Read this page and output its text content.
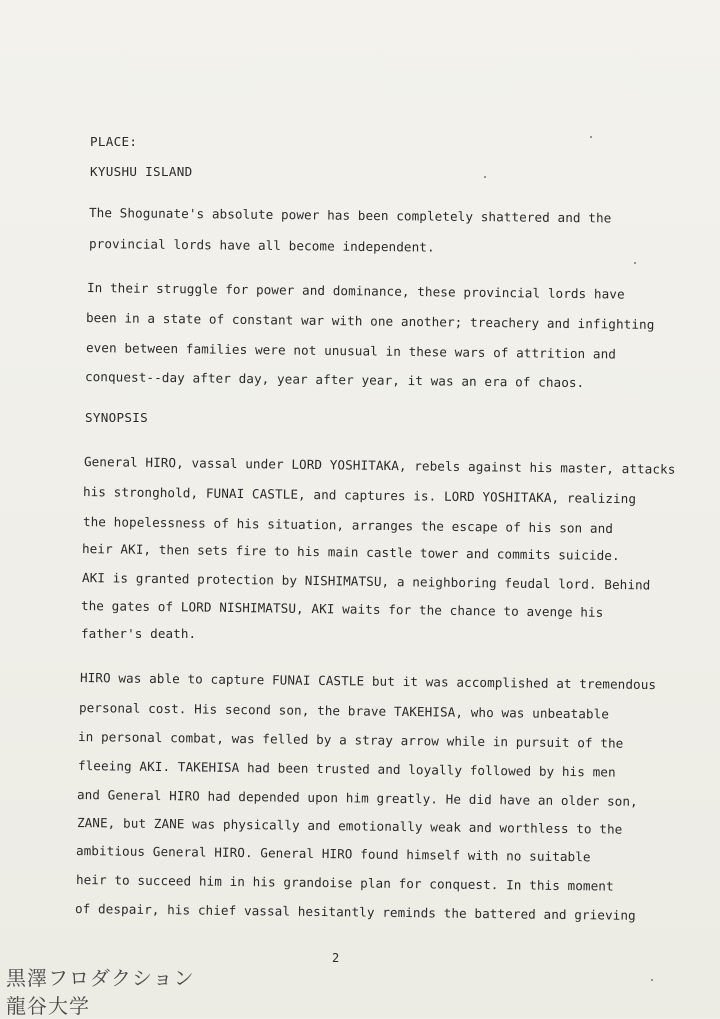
PLACE:
KYUSHU ISLAND
The Shogunate's absolute power has been completely shattered and the
provincial lords have all become independent.
In their struggle for power and dominance, these provincial lords have
been in a state of constant war with one another; treachery and infighting
even between families were not unusual in these wars of attrition and
conquest--day after day, year after year, it was an era of chaos.
SYNOPSIS
General HIRO, vassal under LORD YOSHITAKA, rebels against his master, attacks
his stronghold, FUNAI CASTLE, and captures is. LORD YOSHITAKA, realizing
the hopelessness of his situation, arranges the escape of his son and
heir AKI, then sets fire to his main castle tower and commits suicide.
AKI is granted protection by NISHIMATSU, a neighboring feudal lord. Behind
the gates of LORD NISHIMATSU, AKI waits for the chance to avenge his
father's death.
HIRO was able to capture FUNAI CASTLE but it was accomplished at tremendous
personal cost. His second son, the brave TAKEHISA, who was unbeatable
in personal combat, was felled by a stray arrow while in pursuit of the
fleeing AKI. TAKEHISA had been trusted and loyally followed by his men
and General HIRO had depended upon him greatly. He did have an older son,
ZANE, but ZANE was physically and emotionally weak and worthless to the
ambitious General HIRO. General HIRO found himself with no suitable
heir to succeed him in his grandoise plan for conquest. In this moment
of despair, his chief vassal hesitantly reminds the battered and grieving
2
黒澤フロダクション
龍谷大学
